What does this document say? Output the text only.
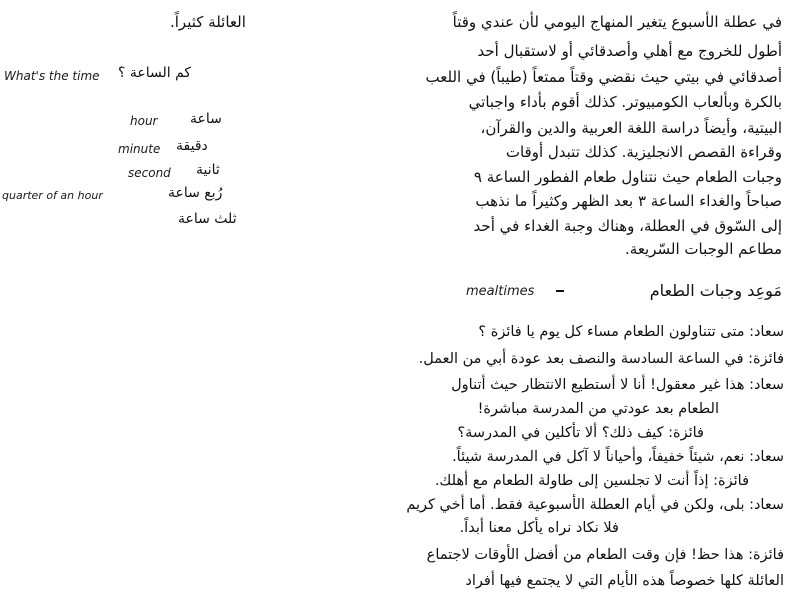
العائلة كثيراً.
What's the time كم الساعة ؟
hour ساعة
minute دقيقة
second ثانية
quarter of an hour	رُبع ساعة
ثلث ساعة
في عطلة الأسبوع يتغير المنهاج اليومي لأن عندي وقتاً
أطول للخروج مع أهلي وأصدقائي أو لاستقبال أحد
أصدقائي في بيتي حيث نقضي وقتاً ممتعاً (طيباً) في اللعب
بالكرة وبألعاب الكومبيوتر. كذلك أقوم بأداء واجباتي
البيتية، وأيضاً دراسة اللغة العربية والدين والقرآن،
وقراءة القصص الانجليزية. كذلك تتبدل أوقات
وجبات الطعام حيث نتناول طعام الفطور الساعة ٩
صباحاً والغداء الساعة ٣ بعد الظهر وكثيراً ما نذهب
إلى السّوق في العطلة، وهناك وجبة الغداء في أحد
مطاعم الوجبات السّريعة.
mealtimes	مَوعِد وجبات الطعام
سعاد: متى تتناولون الطعام مساء كل يوم يا فائزة ؟
فائزة: في الساعة السادسة والنصف بعد عودة أبي من العمل.
سعاد: هذا غير معقول! أنا لا أستطيع الانتظار حيث أتناول
الطعام بعد عودتي من المدرسة مباشرة!
فائزة: كيف ذلك؟ ألا تأكلين في المدرسة؟
سعاد: نعم، شيئاً خفيفاً، وأحياناً لا آكل في المدرسة شيئاً.
فائزة: إذاً أنت لا تجلسين إلى طاولة الطعام مع أهلك.
سعاد: بلى، ولكن في أيام العطلة الأسبوعية فقط. أما أخي كريم
فلا نكاد نراه يأكل معنا أبداً.
فائزة: هذا حظ! فإن وقت الطعام من أفضل الأوقات لاجتماع
العائلة كلها خصوصاً هذه الأيام التي لا يجتمع فيها أفراد
